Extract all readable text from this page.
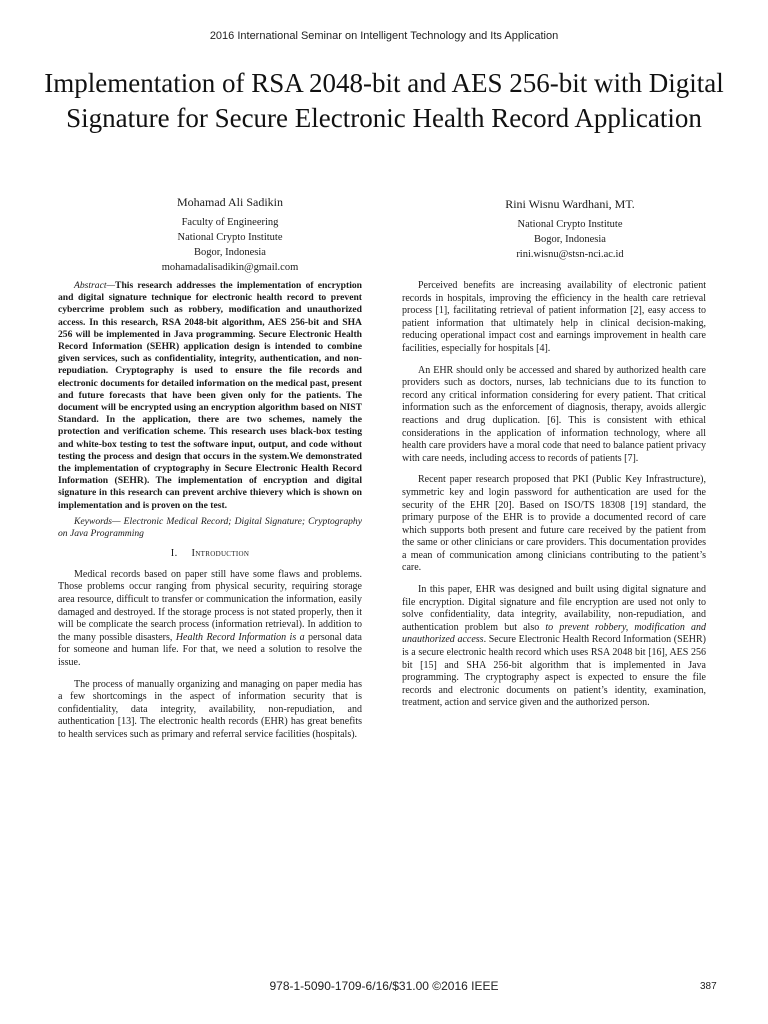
2016 International Seminar on Intelligent Technology and Its Application
Implementation of RSA 2048-bit and AES 256-bit with Digital Signature for Secure Electronic Health Record Application
Mohamad Ali Sadikin
Faculty of Engineering
National Crypto Institute
Bogor, Indonesia
mohamadalisadikin@gmail.com
Rini Wisnu Wardhani, MT.
National Crypto Institute
Bogor, Indonesia
rini.wisnu@stsn-nci.ac.id
Abstract—This research addresses the implementation of encryption and digital signature technique for electronic health record to prevent cybercrime problem such as robbery, modification and unauthorized access. In this research, RSA 2048-bit algorithm, AES 256-bit and SHA 256 will be implemented in Java programming. Secure Electronic Health Record Information (SEHR) application design is intended to combine given services, such as confidentiality, integrity, authentication, and non-repudiation. Cryptography is used to ensure the file records and electronic documents for detailed information on the medical past, present and future forecasts that have been given only for the patients. The document will be encrypted using an encryption algorithm based on NIST Standard. In the application, there are two schemes, namely the protection and verification scheme. This research uses black-box testing and white-box testing to test the software input, output, and code without testing the process and design that occurs in the system.We demonstrated the implementation of cryptography in Secure Electronic Health Record Information (SEHR). The implementation of encryption and digital signature in this research can prevent archive thievery which is shown on implementation and is proven on the test.
Keywords— Electronic Medical Record; Digital Signature; Cryptography on Java Programming
I. Introduction

Medical records based on paper still have some flaws and problems. Those problems occur ranging from physical security, requiring storage area resource, difficult to transfer or communication the information, easily damaged and destroyed. If the storage process is not stated properly, then it will be complicate the search process (information retrieval). In addition to the many possible disasters, Health Record Information is a personal data for someone and human life. For that, we need a solution to resolve the issue.

The process of manually organizing and managing on paper media has a few shortcomings in the aspect of information security that is confidentiality, data integrity, availability, non-repudiation, and authentication [13]. The electronic health records (EHR) has great benefits to health services such as primary and referral service facilities (hospitals).

Perceived benefits are increasing availability of electronic patient records in hospitals, improving the efficiency in the health care retrieval process [1], facilitating retrieval of patient information [2], easy access to patient information that ultimately help in clinical decision-making, reducing operational impact cost and earnings improvement in health care facilities, especially for hospitals [4].

An EHR should only be accessed and shared by authorized health care providers such as doctors, nurses, lab technicians due to its function to record any critical information considering for every patient. That critical information such as the enforcement of diagnosis, therapy, avoids allergic reactions and drug duplication. [6]. This is consistent with ethical considerations in the application of information technology, where all health care providers have a moral code that need to balance patient privacy with care needs, including access to records of patients [7].

Recent paper research proposed that PKI (Public Key Infrastructure), symmetric key and login password for authentication are used for the security of the EHR [20]. Based on ISO/TS 18308 [19] standard, the primary purpose of the EHR is to provide a documented record of care which supports both present and future care received by the patient from the same or other clinicians or care providers. This documentation provides a mean of communication among clinicians contributing to the patient’s care.

In this paper, EHR was designed and built using digital signature and file encryption. Digital signature and file encryption are used not only to solve confidentiality, data integrity, availability, non-repudiation, and authentication problem but also to prevent robbery, modification and unauthorized access. Secure Electronic Health Record Information (SEHR) is a secure electronic health record which uses RSA 2048 bit [16], AES 256 bit [15] and SHA 256-bit algorithm that is implemented in Java programming. The cryptography aspect is expected to ensure the file records and electronic documents on patient’s identity, examination, treatment, action and service given and the authorized person.

978-1-5090-1709-6/16/$31.00 ©2016 IEEE	387
